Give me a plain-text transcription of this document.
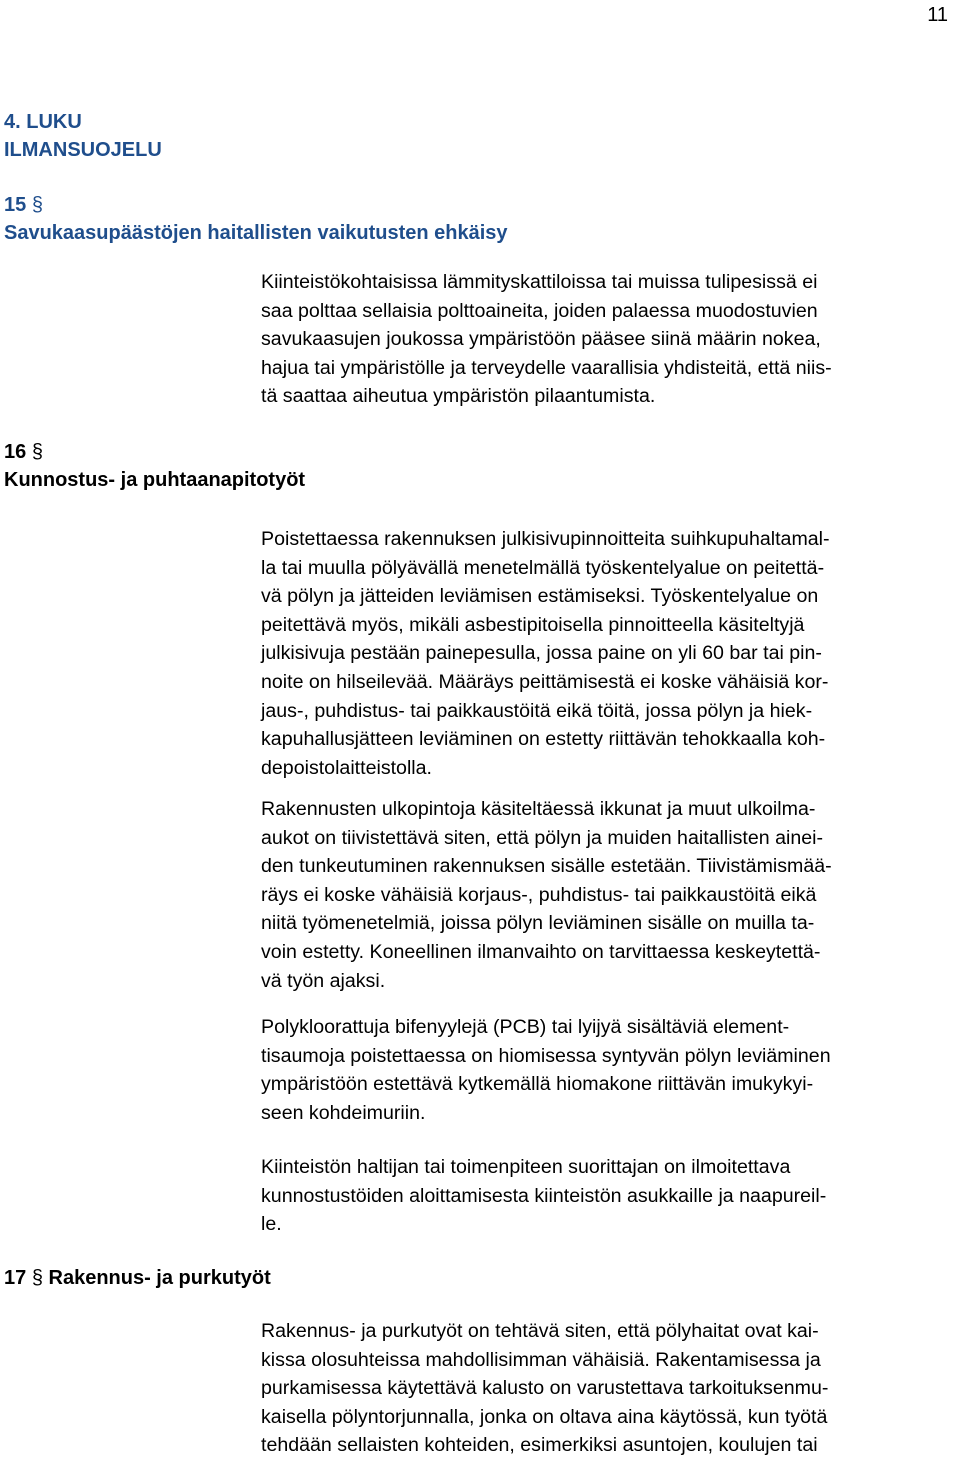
11
4. LUKU
ILMANSUOJELU
15 §
Savukaasupäästöjen haitallisten vaikutusten ehkäisy
Kiinteistökohtaisissa lämmityskattiloissa tai muissa tulipesissä ei
saa polttaa sellaisia polttoaineita, joiden palaessa muodostuvien
savukaasujen joukossa ympäristöön pääsee siinä määrin nokea,
hajua tai ympäristölle ja terveydelle vaarallisia yhdisteitä, että niis-
tä saattaa aiheutua ympäristön pilaantumista.
16 §
Kunnostus- ja puhtaanapitotyöt
Poistettaessa rakennuksen julkisivupinnoitteita suihkupuhaltamal-
la tai muulla pölyävällä menetelmällä työskentelyalue on peitettä-
vä pölyn ja jätteiden leviämisen estämiseksi. Työskentelyalue on
peitettävä myös, mikäli asbestipitoisella pinnoitteella käsiteltyjä
julkisivuja pestään painepesulla, jossa paine on yli 60 bar tai pin-
noite on hilseilevää. Määräys peittämisestä ei koske vähäisiä kor-
jaus-, puhdistus- tai paikkaustöitä eikä töitä, jossa pölyn ja hiek-
kapuhallusjätteen leviäminen on estetty riittävän tehokkaalla koh-
depoistolaitteistolla.
Rakennusten ulkopintoja käsiteltäessä ikkunat ja muut ulkoilma-
aukot on tiivistettävä siten, että pölyn ja muiden haitallisten ainei-
den tunkeutuminen rakennuksen sisälle estetään. Tiivistämismää-
räys ei koske vähäisiä korjaus-, puhdistus- tai paikkaustöitä eikä
niitä työmenetelmiä, joissa pölyn leviäminen sisälle on muilla ta-
voin estetty. Koneellinen ilmanvaihto on tarvittaessa keskeytettä-
vä työn ajaksi.
Polykloorattuja bifenyylejä (PCB) tai lyijyä sisältäviä element-
tisaumoja poistettaessa on hiomisessa syntyvän pölyn leviäminen
ympäristöön estettävä kytkemällä hiomakone riittävän imukykyi-
seen kohdeimuriin.
Kiinteistön haltijan tai toimenpiteen suorittajan on ilmoitettava
kunnostustöiden aloittamisesta kiinteistön asukkaille ja naapureil-
le.
17 § Rakennus- ja purkutyöt
Rakennus- ja purkutyöt on tehtävä siten, että pölyhaitat ovat kai-
kissa olosuhteissa mahdollisimman vähäisiä. Rakentamisessa ja
purkamisessa käytettävä kalusto on varustettava tarkoituksenmu-
kaisella pölyntorjunnalla, jonka on oltava aina käytössä, kun työtä
tehdään sellaisten kohteiden, esimerkiksi asuntojen, koulujen tai
